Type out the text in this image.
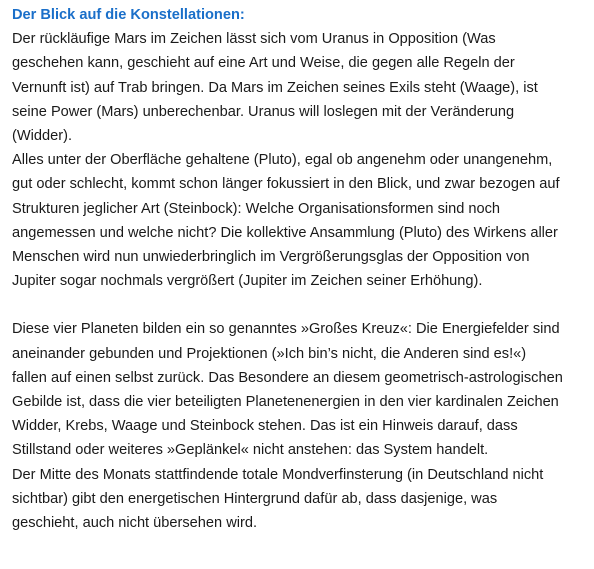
Der Blick auf die Konstellationen:
Der rückläufige Mars im Zeichen lässt sich vom Uranus in Opposition (Was
geschehen kann, geschieht auf eine Art und Weise, die gegen alle Regeln der
Vernunft ist) auf Trab bringen. Da Mars im Zeichen seines Exils steht (Waage), ist
seine Power (Mars) unberechenbar. Uranus will loslegen mit der Veränderung
(Widder).
Alles unter der Oberfläche gehaltene (Pluto), egal ob angenehm oder unangenehm,
gut oder schlecht, kommt schon länger fokussiert in den Blick, und zwar bezogen auf
Strukturen jeglicher Art (Steinbock): Welche Organisationsformen sind noch
angemessen und welche nicht? Die kollektive Ansammlung (Pluto) des Wirkens aller
Menschen wird nun unwiederbringlich im Vergrößerungsglas der Opposition von
Jupiter sogar nochmals vergrößert (Jupiter im Zeichen seiner Erhöhung).
Diese vier Planeten bilden ein so genanntes »Großes Kreuz«: Die Energiefelder sind
aneinander gebunden und Projektionen (»Ich bin’s nicht, die Anderen sind es!«)
fallen auf einen selbst zurück. Das Besondere an diesem geometrisch-astrologischen
Gebilde ist, dass die vier beteiligten Planetenenergien in den vier kardinalen Zeichen
Widder, Krebs, Waage und Steinbock stehen. Das ist ein Hinweis darauf, dass
Stillstand oder weiteres »Geplänkel« nicht anstehen: das System handelt.
Der Mitte des Monats stattfindende totale Mondverfinsterung (in Deutschland nicht
sichtbar) gibt den energetischen Hintergrund dafür ab, dass dasjenige, was
geschieht, auch nicht übersehen wird.
